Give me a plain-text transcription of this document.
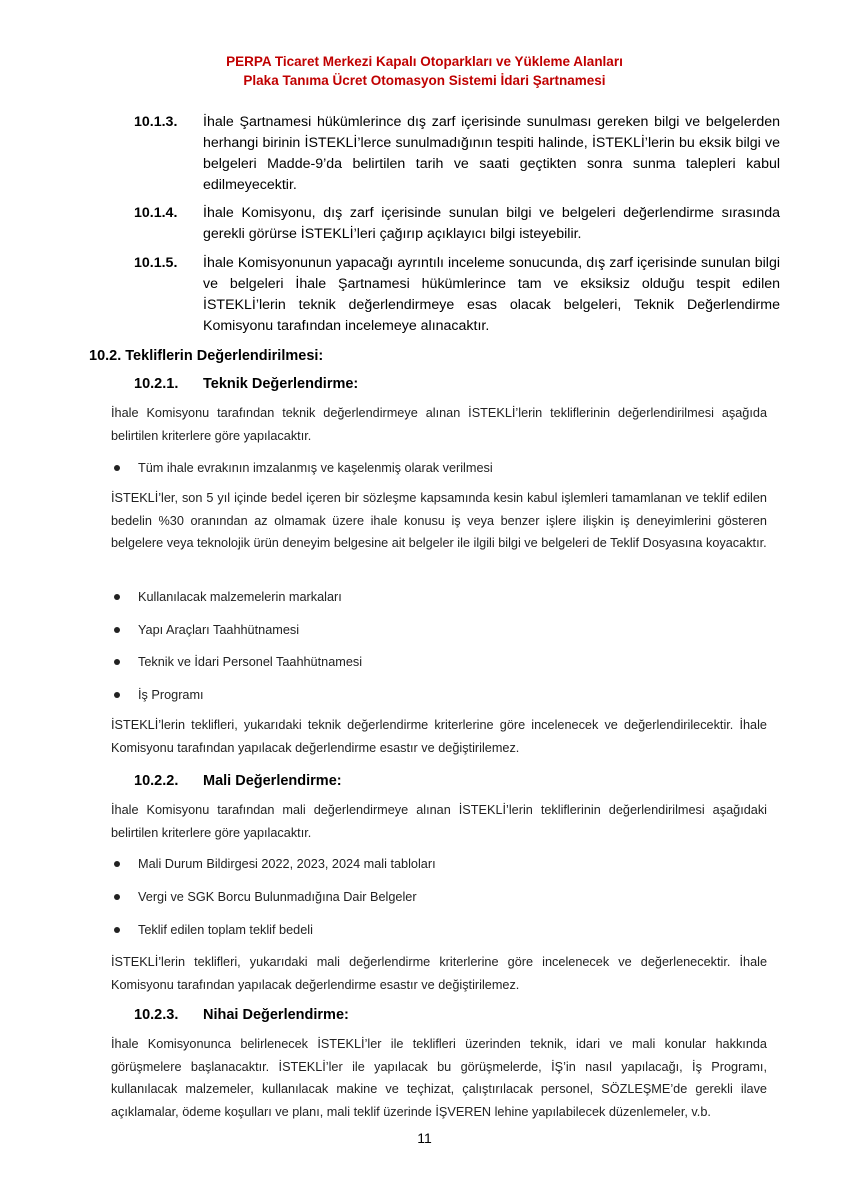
PERPA Ticaret Merkezi Kapalı Otoparkları ve Yükleme Alanları
Plaka Tanıma Ücret Otomasyon Sistemi İdari Şartnamesi
10.1.3. İhale Şartnamesi hükümlerince dış zarf içerisinde sunulması gereken bilgi ve belgelerden herhangi birinin İSTEKLİ’lerce sunulmadığının tespiti halinde, İSTEKLİ’lerin bu eksik bilgi ve belgeleri Madde-9’da belirtilen tarih ve saati geçtikten sonra sunma talepleri kabul edilmeyecektir.
10.1.4. İhale Komisyonu, dış zarf içerisinde sunulan bilgi ve belgeleri değerlendirme sırasında gerekli görürse İSTEKLİ’leri çağırıp açıklayıcı bilgi isteyebilir.
10.1.5. İhale Komisyonunun yapacağı ayrıntılı inceleme sonucunda, dış zarf içerisinde sunulan bilgi ve belgeleri İhale Şartnamesi hükümlerince tam ve eksiksiz olduğu tespit edilen İSTEKLİ’lerin teknik değerlendirmeye esas olacak belgeleri, Teknik Değerlendirme Komisyonu tarafından incelemeye alınacaktır.
10.2. Tekliflerin Değerlendirilmesi:
10.2.1. Teknik Değerlendirme:
İhale Komisyonu tarafından teknik değerlendirmeye alınan İSTEKLİ’lerin tekliflerinin değerlendirilmesi aşağıda belirtilen kriterlere göre yapılacaktır.
Tüm ihale evrakının imzalanmış ve kaşelenmiş olarak verilmesi
İSTEKLİ’ler, son 5 yıl içinde bedel içeren bir sözleşme kapsamında kesin kabul işlemleri tamamlanan ve teklif edilen bedelin %30 oranından az olmamak üzere ihale konusu iş veya benzer işlere ilişkin iş deneyimlerini gösteren belgelere veya teknolojik ürün deneyim belgesine ait belgeler ile ilgili bilgi ve belgeleri de Teklif Dosyasına koyacaktır.
Kullanılacak malzemelerin markaları
Yapı Araçları Taahhütnamesi
Teknik ve İdari Personel Taahhütnamesi
İş Programı
İSTEKLİ’lerin teklifleri, yukarıdaki teknik değerlendirme kriterlerine göre incelenecek ve değerlendirilecektir. İhale Komisyonu tarafından yapılacak değerlendirme esastır ve değiştirilemez.
10.2.2. Mali Değerlendirme:
İhale Komisyonu tarafından mali değerlendirmeye alınan İSTEKLİ’lerin tekliflerinin değerlendirilmesi aşağıdaki belirtilen kriterlere göre yapılacaktır.
Mali Durum Bildirgesi 2022, 2023, 2024 mali tabloları
Vergi ve SGK Borcu Bulunmadığına Dair Belgeler
Teklif edilen toplam teklif bedeli
İSTEKLİ’lerin teklifleri, yukarıdaki mali değerlendirme kriterlerine göre incelenecek ve değerlenecektir. İhale Komisyonu tarafından yapılacak değerlendirme esastır ve değiştirilemez.
10.2.3. Nihai Değerlendirme:
İhale Komisyonunca belirlenecek İSTEKLİ’ler ile teklifleri üzerinden teknik, idari ve mali konular hakkında görüşmelere başlanacaktır. İSTEKLİ’ler ile yapılacak bu görüşmelerde, İŞ’in nasıl yapılacağı, İş Programı, kullanılacak malzemeler, kullanılacak makine ve teçhizat, çalıştırılacak personel, SÖZLEŞME’de gerekli ilave açıklamalar, ödeme koşulları ve planı, mali teklif üzerinde İŞVEREN lehine yapılabilecek düzenlemeler, v.b.
11
